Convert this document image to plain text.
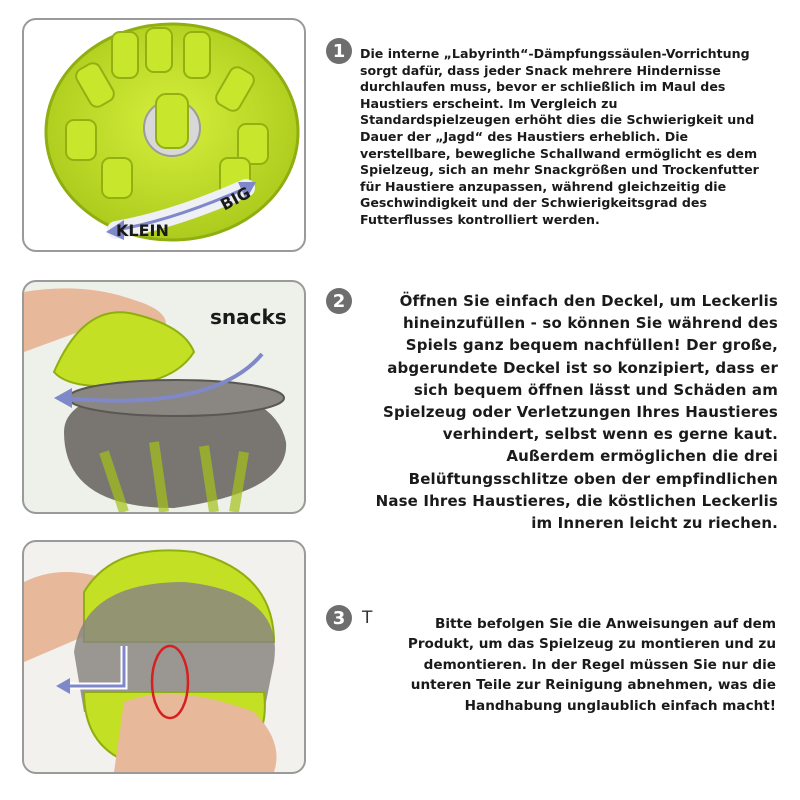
KLEIN
BIG
1	Die interne „Labyrinth“-Dämpfungssäulen-Vorrichtung sorgt dafür, dass jeder Snack mehrere Hindernisse durchlaufen muss, bevor er schließlich im Maul des Haustiers erscheint. Im Vergleich zu Standardspielzeugen erhöht dies die Schwierigkeit und Dauer der „Jagd“ des Haustiers erheblich. Die verstellbare, bewegliche Schallwand ermöglicht es dem Spielzeug, sich an mehr Snackgrößen und Trockenfutter für Haustiere anzupassen, während gleichzeitig die Geschwindigkeit und der Schwierigkeitsgrad des Futterflusses kontrolliert werden.
snacks
2	Öffnen Sie einfach den Deckel, um Leckerlis hineinzufüllen - so können Sie während des Spiels ganz bequem nachfüllen! Der große, abgerundete Deckel ist so konzipiert, dass er sich bequem öffnen lässt und Schäden am Spielzeug oder Verletzungen Ihres Haustieres verhindert, selbst wenn es gerne kaut. Außerdem ermöglichen die drei Belüftungsschlitze oben der empfindlichen Nase Ihres Haustieres, die köstlichen Leckerlis im Inneren leicht zu riechen.
3 T	Bitte befolgen Sie die Anweisungen auf dem Produkt, um das Spielzeug zu montieren und zu demontieren. In der Regel müssen Sie nur die unteren Teile zur Reinigung abnehmen, was die Handhabung unglaublich einfach macht!
